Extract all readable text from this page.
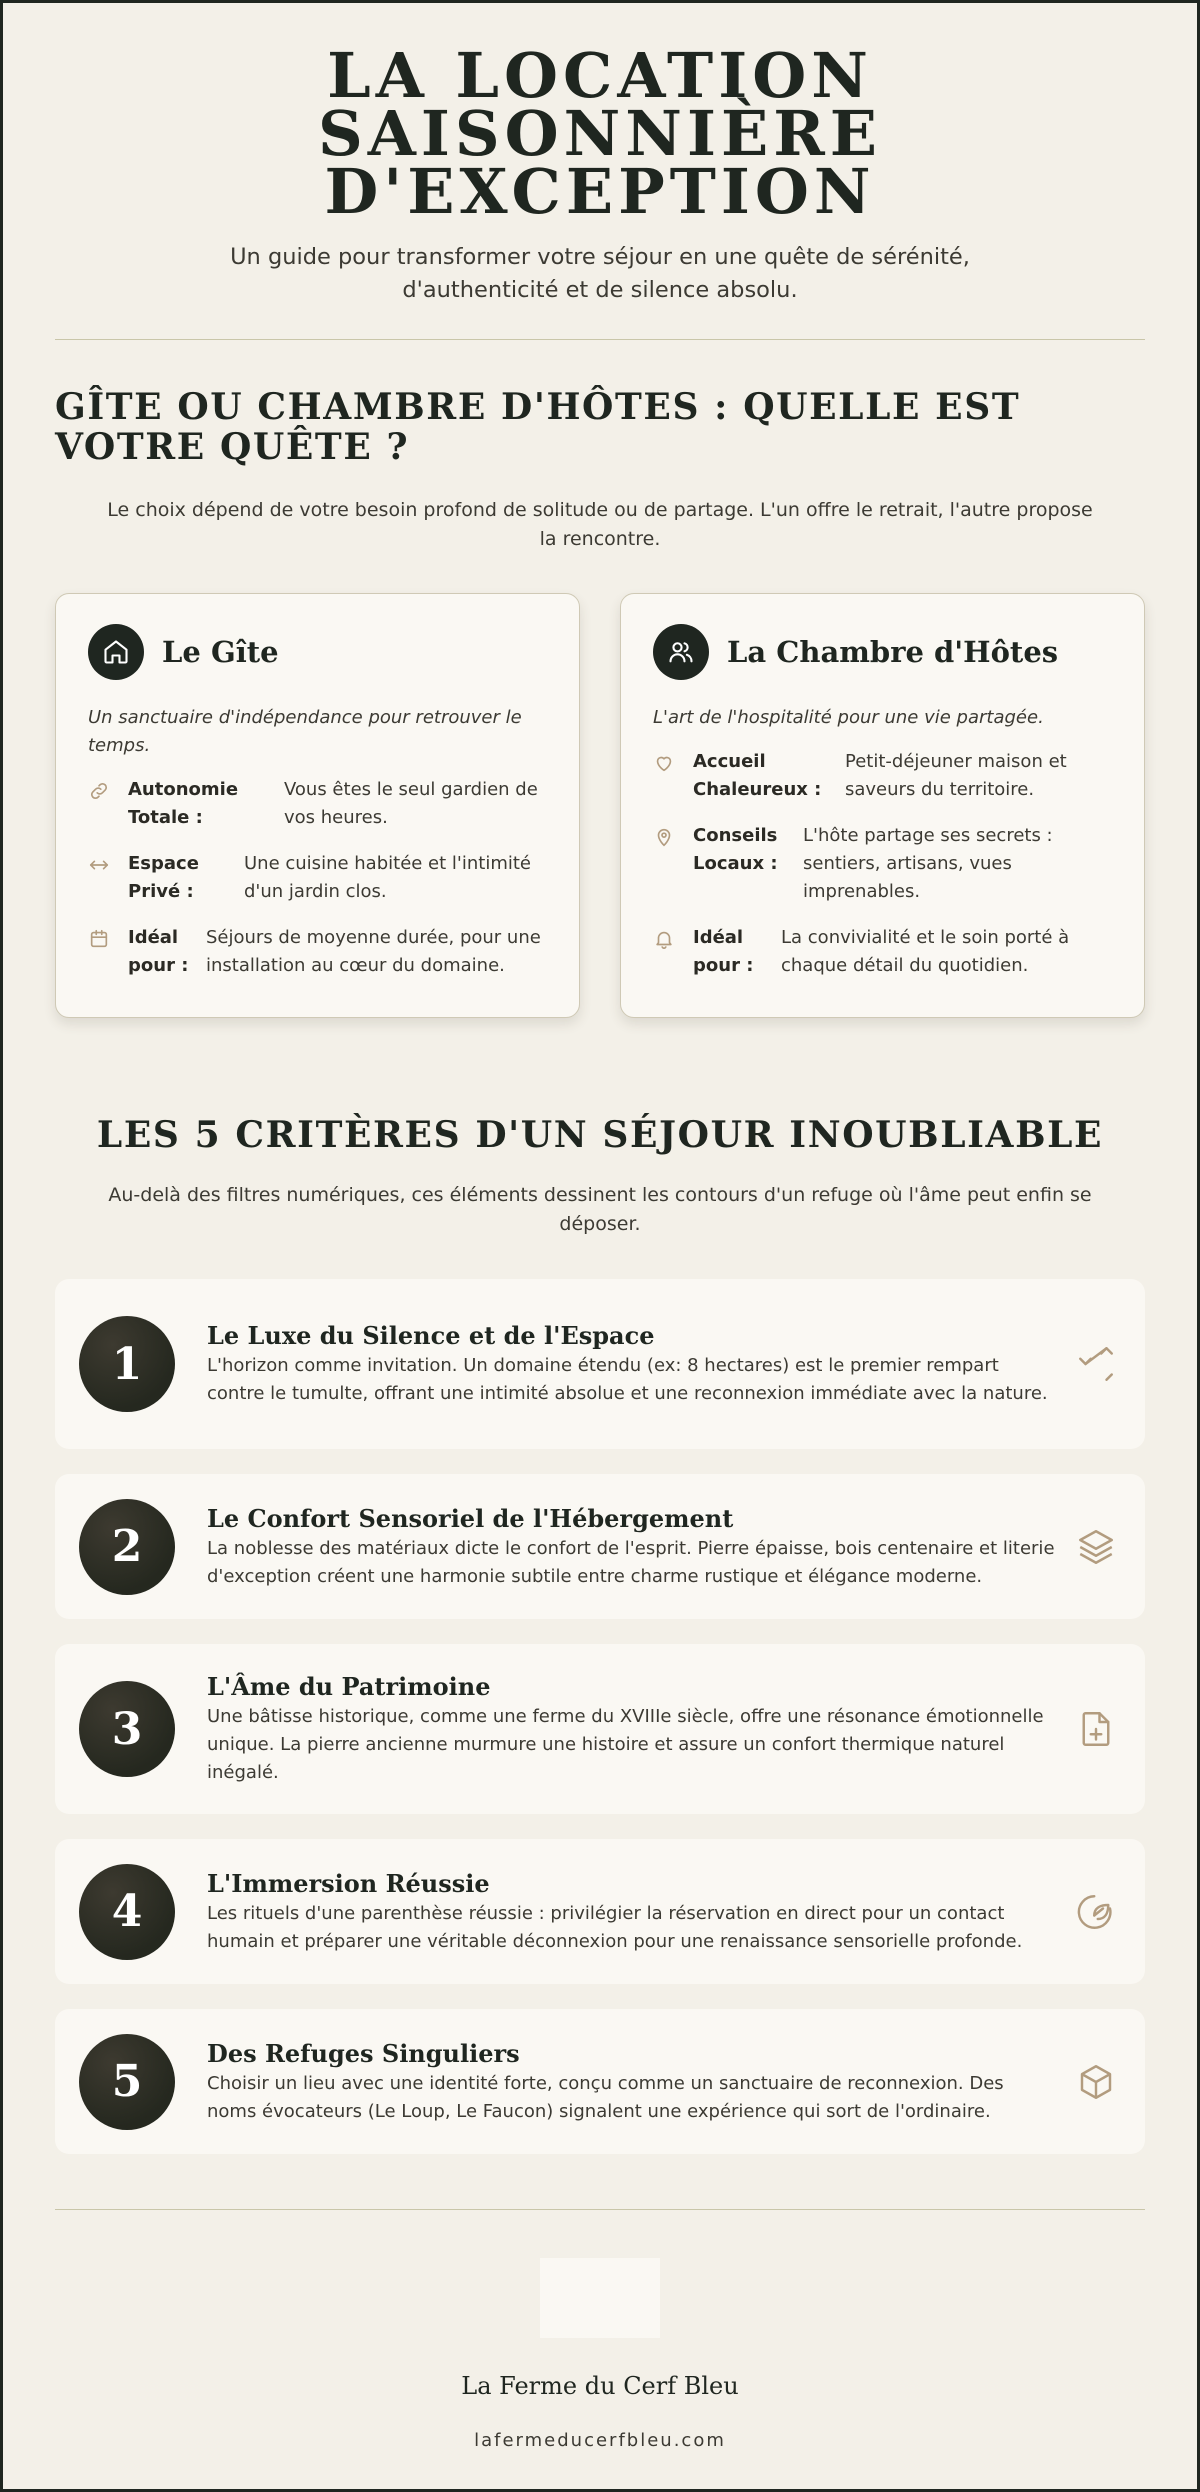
LA LOCATION SAISONNIÈRE
D'EXCEPTION

Un guide pour transformer votre séjour en une quête de sérénité, d'authenticité et de silence absolu.

GÎTE OU CHAMBRE D'HÔTES : QUELLE EST VOTRE QUÊTE ?

Le choix dépend de votre besoin profond de solitude ou de partage. L'un offre le retrait, l'autre propose la rencontre.

Le Gîte
Un sanctuaire d'indépendance pour retrouver le temps.
Autonomie Totale :
Vous êtes le seul gardien de vos heures.
Espace Privé :
Une cuisine habitée et l'intimité d'un jardin clos.
Idéal pour :
Séjours de moyenne durée, pour une installation au cœur du domaine.
La Chambre d'Hôtes
L'art de l'hospitalité pour une vie partagée.
Accueil Chaleureux :
Petit-déjeuner maison et saveurs du territoire.
Conseils Locaux :
L'hôte partage ses secrets : sentiers, artisans, vues imprenables.
Idéal pour :
La convivialité et le soin porté à chaque détail du quotidien.
LES 5 CRITÈRES D'UN SÉJOUR INOUBLIABLE

Au-delà des filtres numériques, ces éléments dessinent les contours d'un refuge où l'âme peut enfin se déposer.

1
Le Luxe du Silence et de l'Espace

L'horizon comme invitation. Un domaine étendu (ex: 8 hectares) est le premier rempart contre le tumulte, offrant une intimité absolue et une reconnexion immédiate avec la nature.

2
Le Confort Sensoriel de l'Hébergement

La noblesse des matériaux dicte le confort de l'esprit. Pierre épaisse, bois centenaire et literie d'exception créent une harmonie subtile entre charme rustique et élégance moderne.

3
L'Âme du Patrimoine

Une bâtisse historique, comme une ferme du XVIIIe siècle, offre une résonance émotionnelle unique. La pierre ancienne murmure une histoire et assure un confort thermique naturel inégalé.

4
L'Immersion Réussie

Les rituels d'une parenthèse réussie : privilégier la réservation en direct pour un contact humain et préparer une véritable déconnexion pour une renaissance sensorielle profonde.

5
Des Refuges Singuliers

Choisir un lieu avec une identité forte, conçu comme un sanctuaire de reconnexion. Des noms évocateurs (Le Loup, Le Faucon) signalent une expérience qui sort de l'ordinaire.

La Ferme du Cerf Bleu
lafermeducerfbleu.com
